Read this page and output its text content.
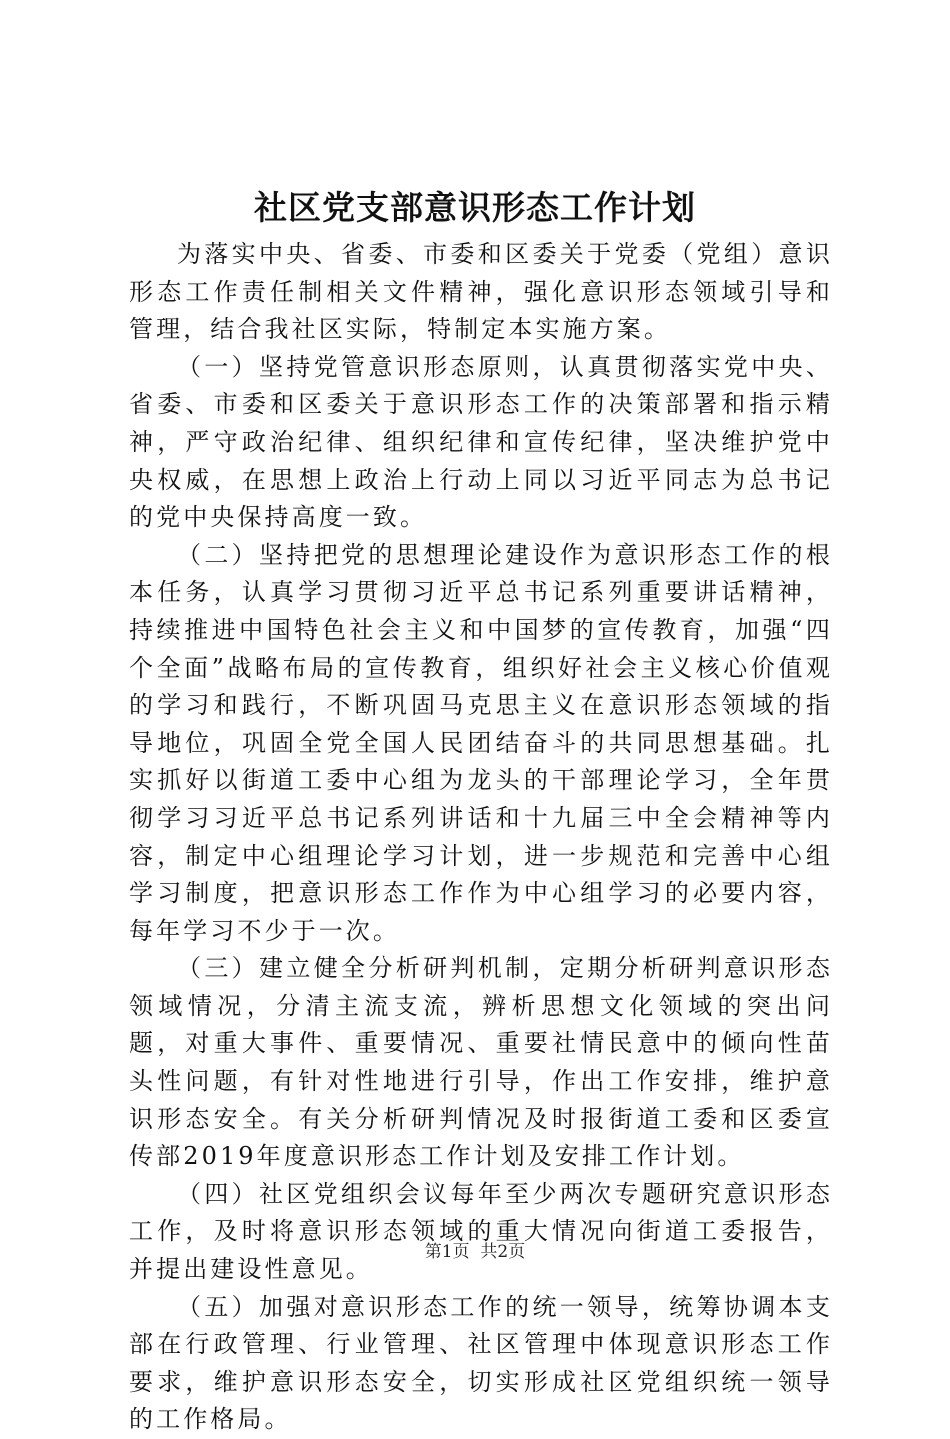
社区党支部意识形态工作计划

为落实中央、省委、市委和区委关于党委（党组）意识形态工作责任制相关文件精神，强化意识形态领域引导和管理，结合我社区实际，特制定本实施方案。

（一）坚持党管意识形态原则，认真贯彻落实党中央、省委、市委和区委关于意识形态工作的决策部署和指示精神，严守政治纪律、组织纪律和宣传纪律，坚决维护党中央权威，在思想上政治上行动上同以习近平同志为总书记的党中央保持高度一致。

（二）坚持把党的思想理论建设作为意识形态工作的根本任务，认真学习贯彻习近平总书记系列重要讲话精神，持续推进中国特色社会主义和中国梦的宣传教育，加强“四个全面”战略布局的宣传教育，组织好社会主义核心价值观的学习和践行，不断巩固马克思主义在意识形态领域的指导地位，巩固全党全国人民团结奋斗的共同思想基础。扎实抓好以街道工委中心组为龙头的干部理论学习，全年贯彻学习习近平总书记系列讲话和十九届三中全会精神等内容，制定中心组理论学习计划，进一步规范和完善中心组学习制度，把意识形态工作作为中心组学习的必要内容，每年学习不少于一次。

（三）建立健全分析研判机制，定期分析研判意识形态领域情况，分清主流支流，辨析思想文化领域的突出问题，对重大事件、重要情况、重要社情民意中的倾向性苗头性问题，有针对性地进行引导，作出工作安排，维护意识形态安全。有关分析研判情况及时报街道工委和区委宣传部2019年度意识形态工作计划及安排工作计划。

（四）社区党组织会议每年至少两次专题研究意识形态工作，及时将意识形态领域的重大情况向街道工委报告，并提出建设性意见。

（五）加强对意识形态工作的统一领导，统筹协调本支部在行政管理、行业管理、社区管理中体现意识形态工作要求，维护意识形态安全，切实形成社区党组织统一领导的工作格局。

第1页 共2页
